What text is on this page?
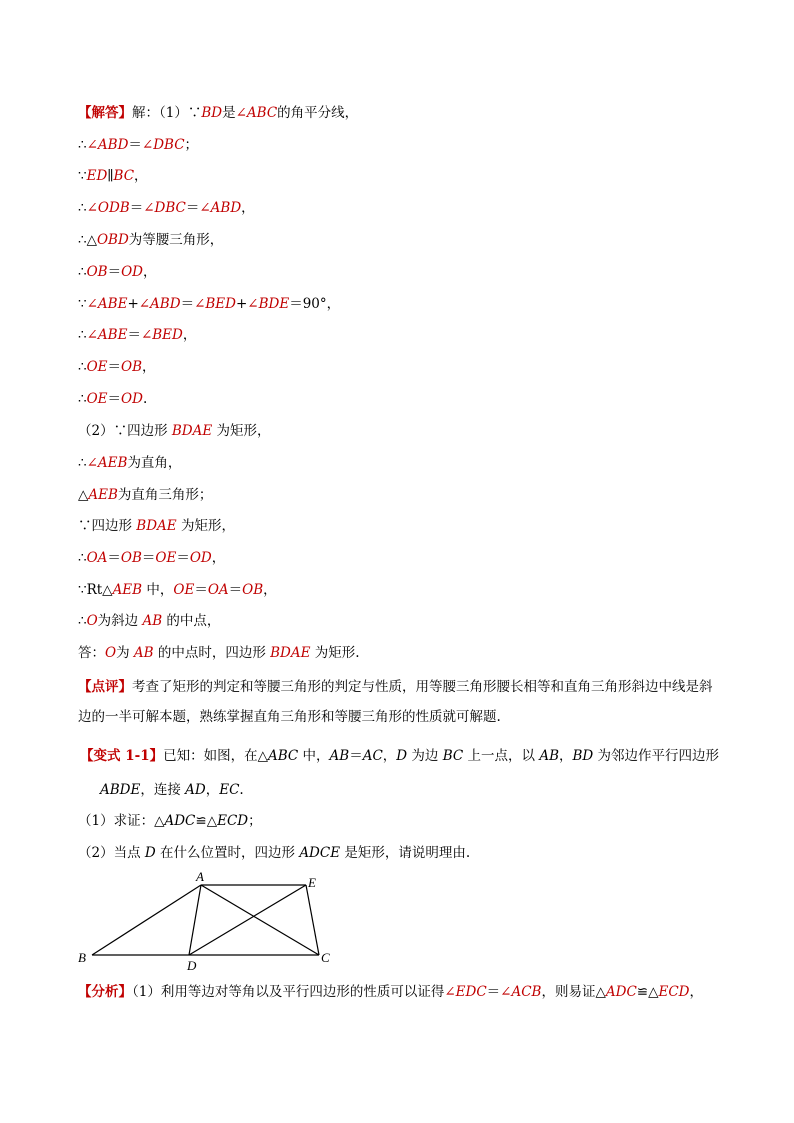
【解答】解：（1）∵BD是∠ABC的角平分线，
∴∠ABD＝∠DBC；
∵ED∥BC，
∴∠ODB＝∠DBC＝∠ABD，
∴△OBD为等腰三角形，
∴OB＝OD，
∵∠ABE+∠ABD＝∠BED+∠BDE＝90°，
∴∠ABE＝∠BED，
∴OE＝OB，
∴OE＝OD.
（2）∵四边形 BDAE 为矩形，
∴∠AEB为直角，
△AEB为直角三角形；
∵四边形 BDAE 为矩形，
∴OA＝OB＝OE＝OD，
∵Rt△AEB 中，OE＝OA＝OB，
∴O为斜边 AB 的中点，
答：O为 AB 的中点时，四边形 BDAE 为矩形.
【点评】考查了矩形的判定和等腰三角形的判定与性质，用等腰三角形腰长相等和直角三角形斜边中线是斜边的一半可解本题，熟练掌握直角三角形和等腰三角形的性质就可解题.
【变式 1-1】已知：如图，在△ABC 中，AB＝AC，D 为边 BC 上一点，以 AB，BD 为邻边作平行四边形
ABDE，连接 AD，EC.
（1）求证：△ADC≌△ECD；
（2）当点 D 在什么位置时，四边形 ADCE 是矩形，请说明理由.
A	E
B
D
C
【分析】（1）利用等边对等角以及平行四边形的性质可以证得∠EDC＝∠ACB，则易证△ADC≌△ECD，
